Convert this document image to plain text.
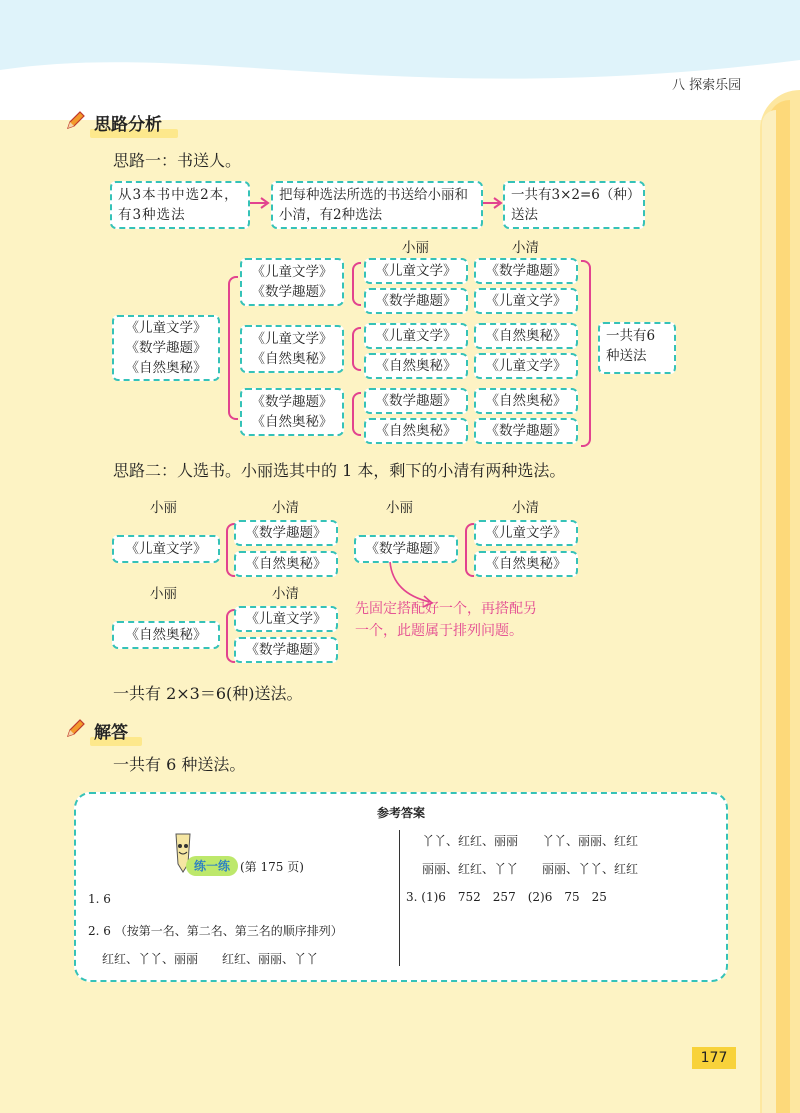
八 探索乐园
思路分析
思路一：书送人。
从3本书中选2本，有3种选法
把每种选法所选的书送给小丽和小清，有2种选法
一共有3×2=6（种）送法
小丽	小清
《儿童文学》
《数学趣题》
《自然奥秘》
《儿童文学》
《数学趣题》
《儿童文学》
《自然奥秘》
《数学趣题》
《自然奥秘》
《儿童文学》	《数学趣题》
《数学趣题》	《儿童文学》
《儿童文学》	《自然奥秘》
《自然奥秘》	《儿童文学》
《数学趣题》	《自然奥秘》
《自然奥秘》	《数学趣题》
一共有6种送法
思路二：人选书。小丽选其中的 1 本，剩下的小清有两种选法。
小丽	小清	小丽	小清
《儿童文学》
《数学趣题》
《自然奥秘》
《数学趣题》
《儿童文学》
《自然奥秘》
小丽	小清
《自然奥秘》
《儿童文学》
《数学趣题》
先固定搭配好一个，再搭配另
一个，此题属于排列问题。
一共有 2×3＝6(种)送法。
解答
一共有 6 种送法。
参考答案
练一练 (第 175 页)
1. 6
2. 6 （按第一名、第二名、第三名的顺序排列）
红红、丫丫、丽丽　　红红、丽丽、丫丫
丫丫、红红、丽丽　　丫丫、丽丽、红红
丽丽、红红、丫丫　　丽丽、丫丫、红红
3. (1)6　752　257　(2)6　75　25
177
